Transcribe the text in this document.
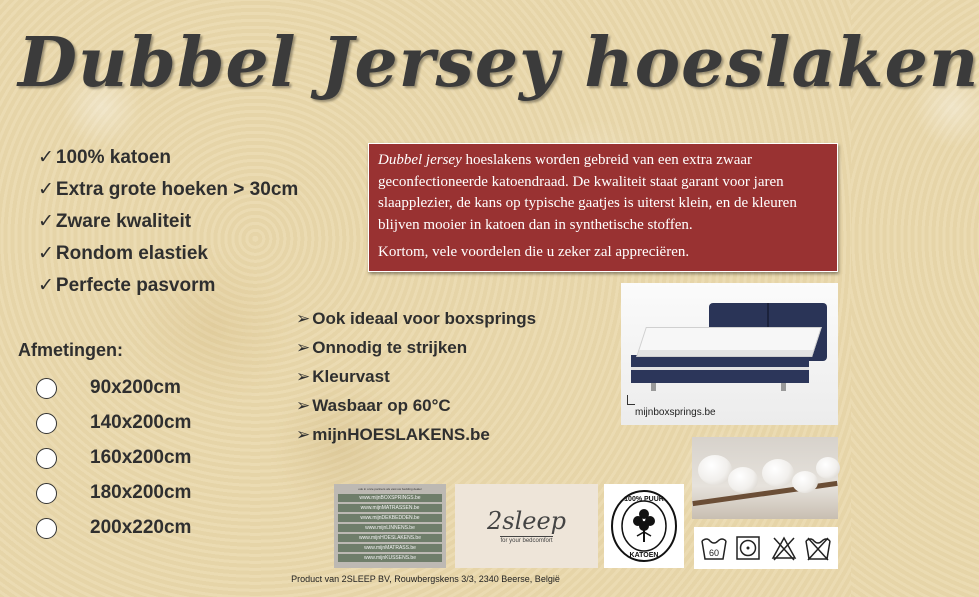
Dubbel Jersey hoeslaken
✓ 100% katoen
✓ Extra grote hoeken > 30cm
✓ Zware kwaliteit
✓ Rondom elastiek
✓ Perfecte pasvorm

Dubbel jersey hoeslakens worden gebreid van een extra zwaar geconfectioneerde katoendraad. De kwaliteit staat garant voor jaren slaapplezier, de kans op typische gaatjes is uiterst klein, en de kleuren blijven mooier in katoen dan in synthetische stoffen.

Kortom, vele voordelen die u zeker zal appreciëren.

Afmetingen:
90x200cm
140x200cm
160x200cm
180x200cm
200x220cm
➢ Ook ideaal voor boxsprings
➢ Onnodig te strijken
➢ Kleurvast
➢ Wasbaar op 60°C
➢ mijnHOESLAKENS.be
mijnboxsprings.be
60
ook in onze partners als vast uw bedding dealer
www.mijnBOXSPRINGS.be
www.mijnMATRASSEN.be
www.mijnDEKBEDDEN.be
www.mijnLINNENS.be
www.mijnHOESLAKENS.be
www.mijnMATRASS.be
www.mijnKUSSENS.be
2sleep
for your bedcomfort
100% PUUR
KATOEN
Product van 2SLEEP BV, Rouwbergskens 3/3, 2340 Beerse, België
